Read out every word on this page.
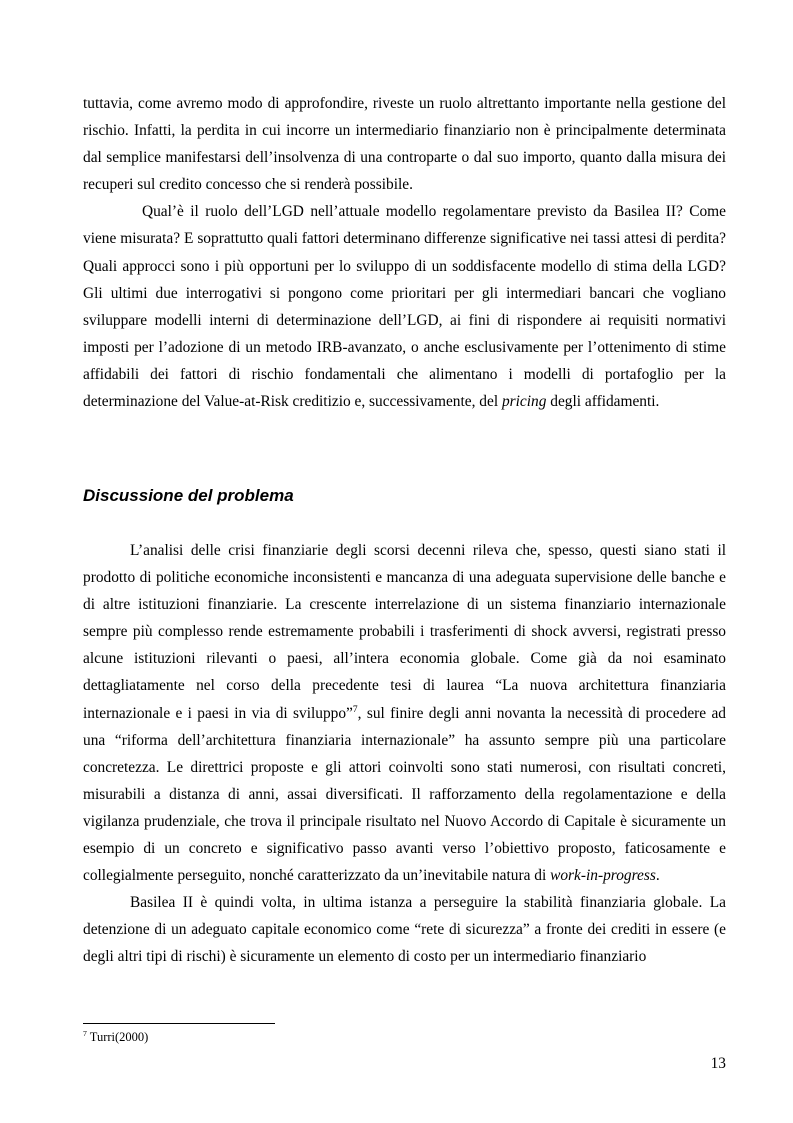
tuttavia, come avremo modo di approfondire, riveste un ruolo altrettanto importante nella gestione del rischio. Infatti, la perdita in cui incorre un intermediario finanziario non è principalmente determinata dal semplice manifestarsi dell’insolvenza di una controparte o dal suo importo, quanto dalla misura dei recuperi sul credito concesso che si renderà possibile.

Qual’è il ruolo dell’LGD nell’attuale modello regolamentare previsto da Basilea II? Come viene misurata? E soprattutto quali fattori determinano differenze significative nei tassi attesi di perdita? Quali approcci sono i più opportuni per lo sviluppo di un soddisfacente modello di stima della LGD? Gli ultimi due interrogativi si pongono come prioritari per gli intermediari bancari che vogliano sviluppare modelli interni di determinazione dell’LGD, ai fini di rispondere ai requisiti normativi imposti per l’adozione di un metodo IRB-avanzato, o anche esclusivamente per l’ottenimento di stime affidabili dei fattori di rischio fondamentali che alimentano i modelli di portafoglio per la determinazione del Value-at-Risk creditizio e, successivamente, del pricing degli affidamenti.

Discussione del problema

L’analisi delle crisi finanziarie degli scorsi decenni rileva che, spesso, questi siano stati il prodotto di politiche economiche inconsistenti e mancanza di una adeguata supervisione delle banche e di altre istituzioni finanziarie. La crescente interrelazione di un sistema finanziario internazionale sempre più complesso rende estremamente probabili i trasferimenti di shock avversi, registrati presso alcune istituzioni rilevanti o paesi, all’intera economia globale. Come già da noi esaminato dettagliatamente nel corso della precedente tesi di laurea “La nuova architettura finanziaria internazionale e i paesi in via di sviluppo”$^7$, sul finire degli anni novanta la necessità di procedere ad una “riforma dell’architettura finanziaria internazionale” ha assunto sempre più una particolare concretezza. Le direttrici proposte e gli attori coinvolti sono stati numerosi, con risultati concreti, misurabili a distanza di anni, assai diversificati. Il rafforzamento della regolamentazione e della vigilanza prudenziale, che trova il principale risultato nel Nuovo Accordo di Capitale è sicuramente un esempio di un concreto e significativo passo avanti verso l’obiettivo proposto, faticosamente e collegialmente perseguito, nonché caratterizzato da un’inevitabile natura di work-in-progress.

Basilea II è quindi volta, in ultima istanza a perseguire la stabilità finanziaria globale. La detenzione di un adeguato capitale economico come “rete di sicurezza” a fronte dei crediti in essere (e degli altri tipi di rischi) è sicuramente un elemento di costo per un intermediario finanziario

$^7$ Turri(2000)
13
